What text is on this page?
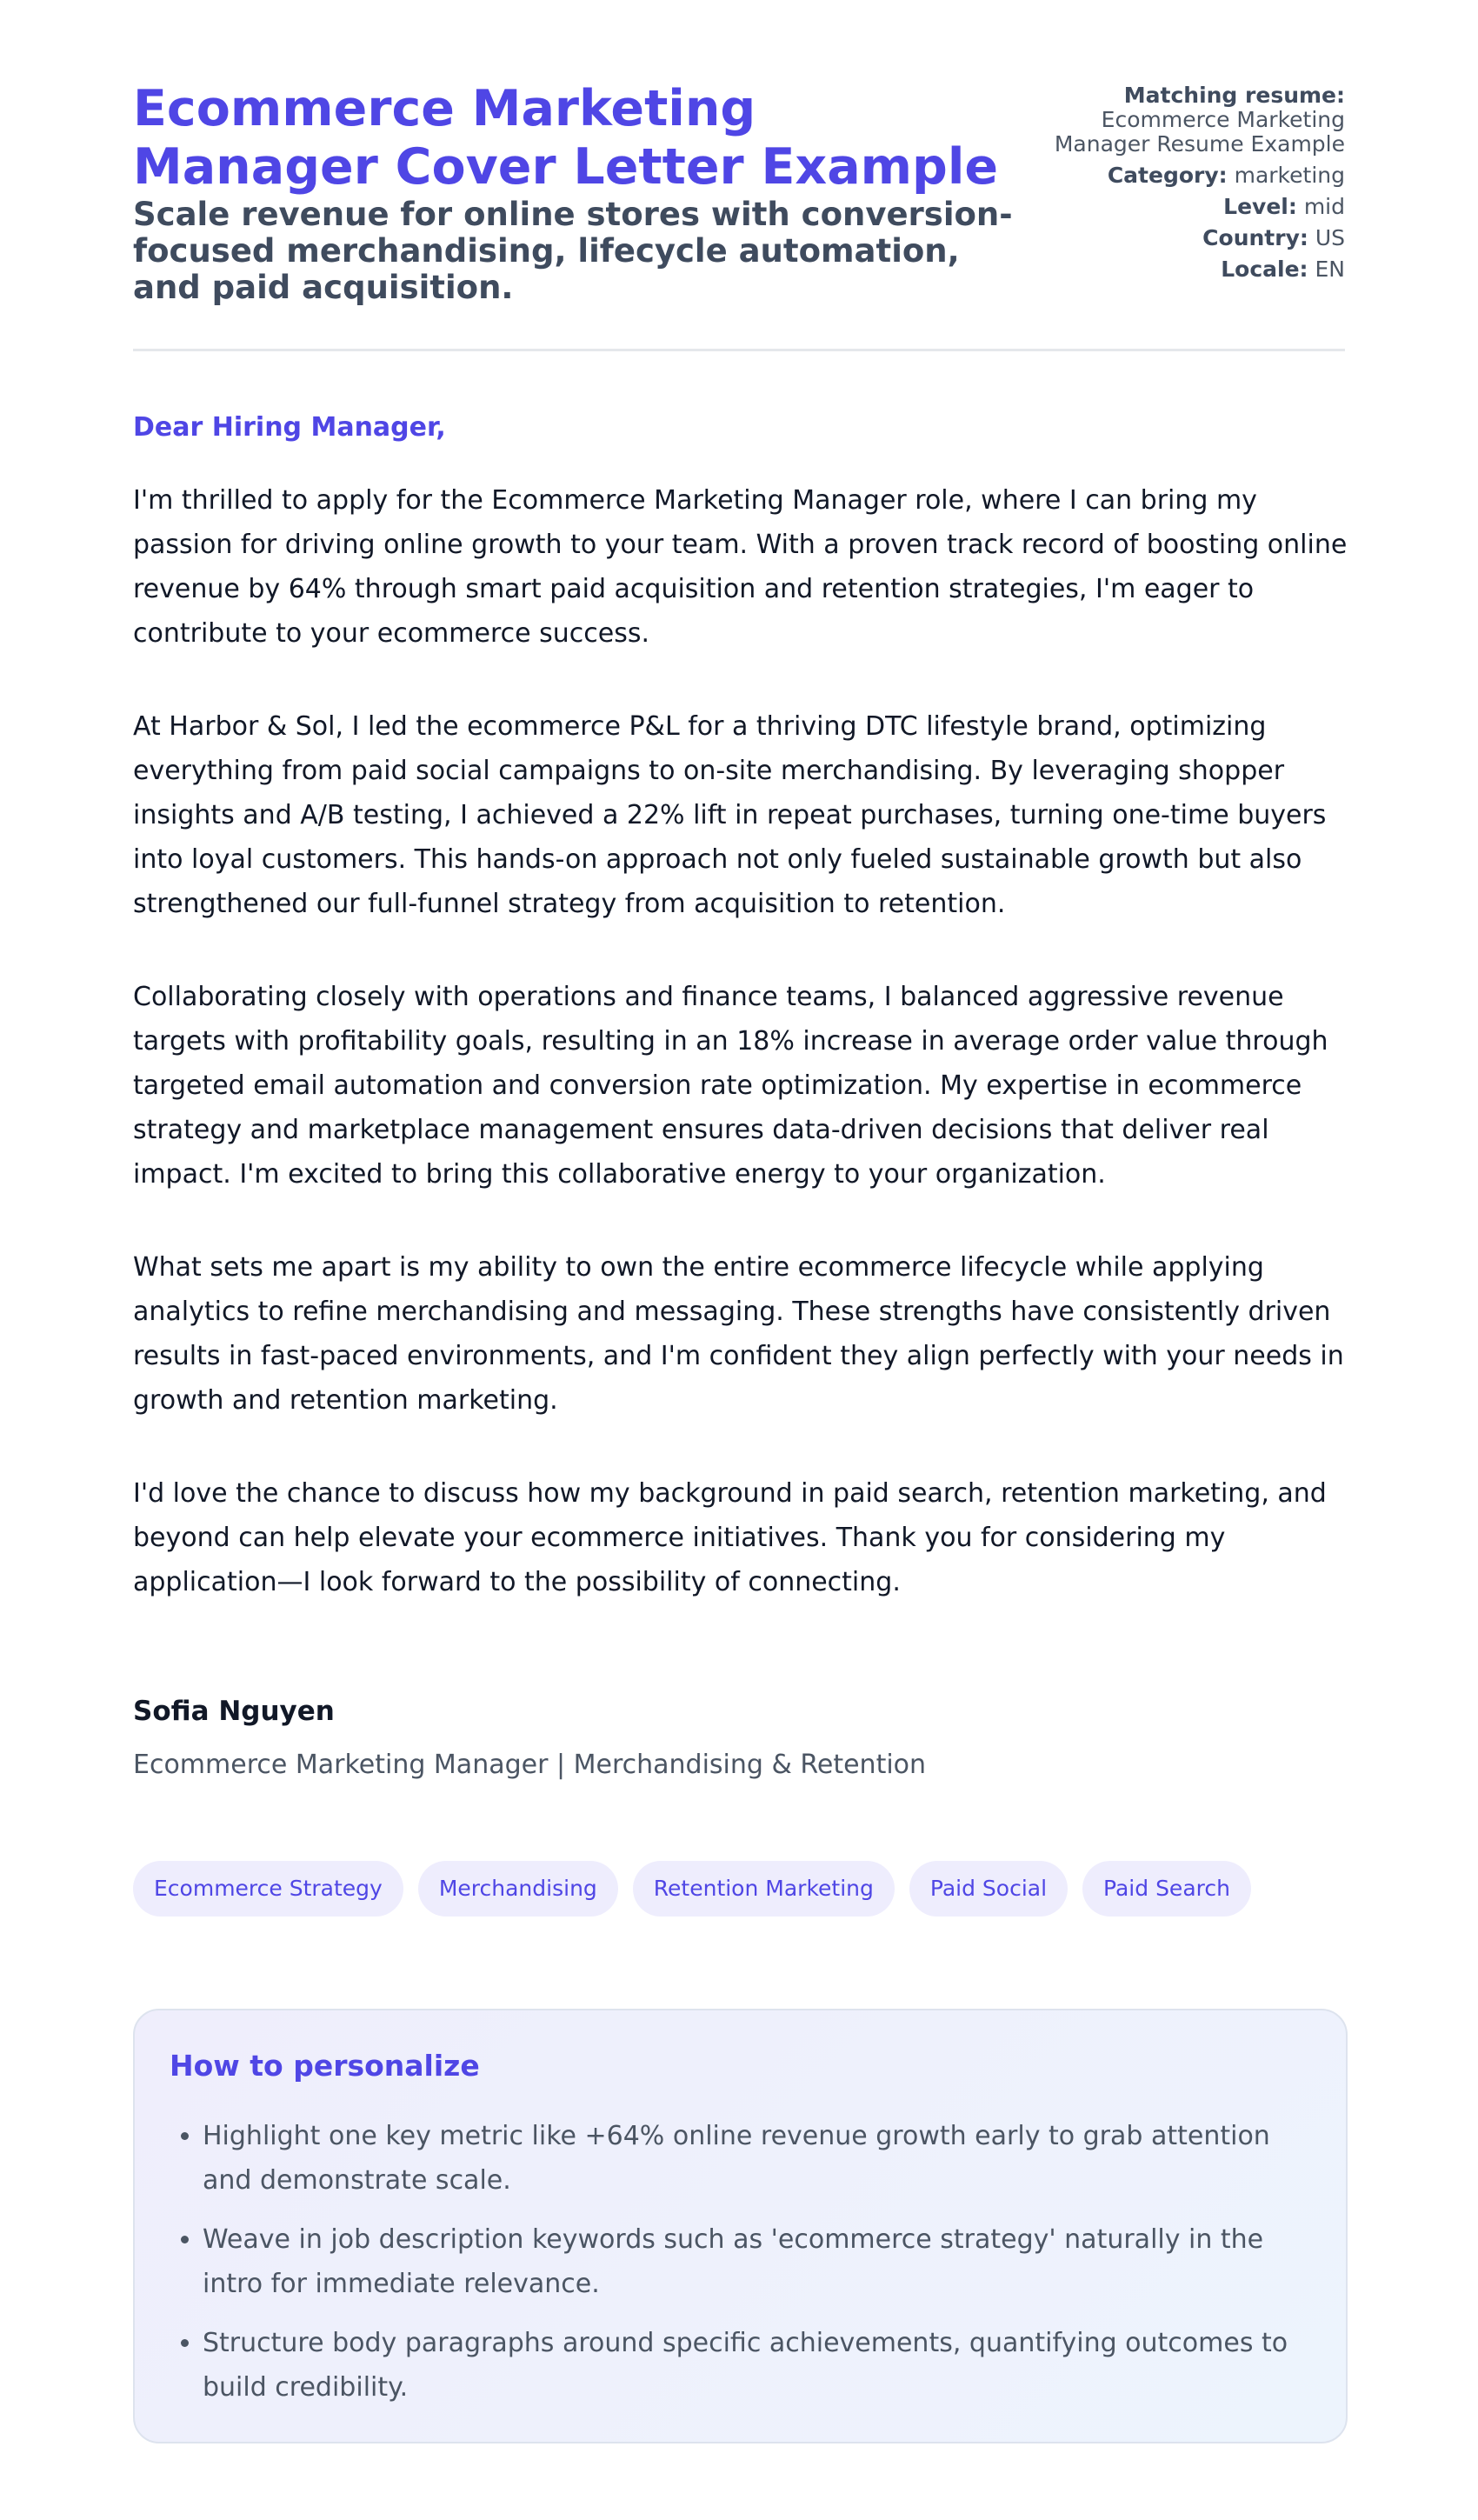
Ecommerce Marketing Manager Cover Letter Example
Scale revenue for online stores with conversion-focused merchandising, lifecycle automation, and paid acquisition.
Matching resume:
Ecommerce Marketing Manager Resume Example
Category: marketing
Level: mid
Country: US
Locale: EN

Dear Hiring Manager,

I'm thrilled to apply for the Ecommerce Marketing Manager role, where I can bring my passion for driving online growth to your team. With a proven track record of boosting online revenue by 64% through smart paid acquisition and retention strategies, I'm eager to contribute to your ecommerce success.

At Harbor & Sol, I led the ecommerce P&L for a thriving DTC lifestyle brand, optimizing everything from paid social campaigns to on-site merchandising. By leveraging shopper insights and A/B testing, I achieved a 22% lift in repeat purchases, turning one-time buyers into loyal customers. This hands-on approach not only fueled sustainable growth but also strengthened our full-funnel strategy from acquisition to retention.

Collaborating closely with operations and finance teams, I balanced aggressive revenue targets with profitability goals, resulting in an 18% increase in average order value through targeted email automation and conversion rate optimization. My expertise in ecommerce strategy and marketplace management ensures data-driven decisions that deliver real impact. I'm excited to bring this collaborative energy to your organization.

What sets me apart is my ability to own the entire ecommerce lifecycle while applying analytics to refine merchandising and messaging. These strengths have consistently driven results in fast-paced environments, and I'm confident they align perfectly with your needs in growth and retention marketing.

I'd love the chance to discuss how my background in paid search, retention marketing, and beyond can help elevate your ecommerce initiatives. Thank you for considering my application—I look forward to the possibility of connecting.

Sofia Nguyen

Ecommerce Marketing Manager | Merchandising & Retention

Ecommerce Strategy	Merchandising	Retention Marketing	Paid Social	Paid Search
How to personalize
• Highlight one key metric like +64% online revenue growth early to grab attention and demonstrate scale.
• Weave in job description keywords such as 'ecommerce strategy' naturally in the intro for immediate relevance.
• Structure body paragraphs around specific achievements, quantifying outcomes to build credibility.
